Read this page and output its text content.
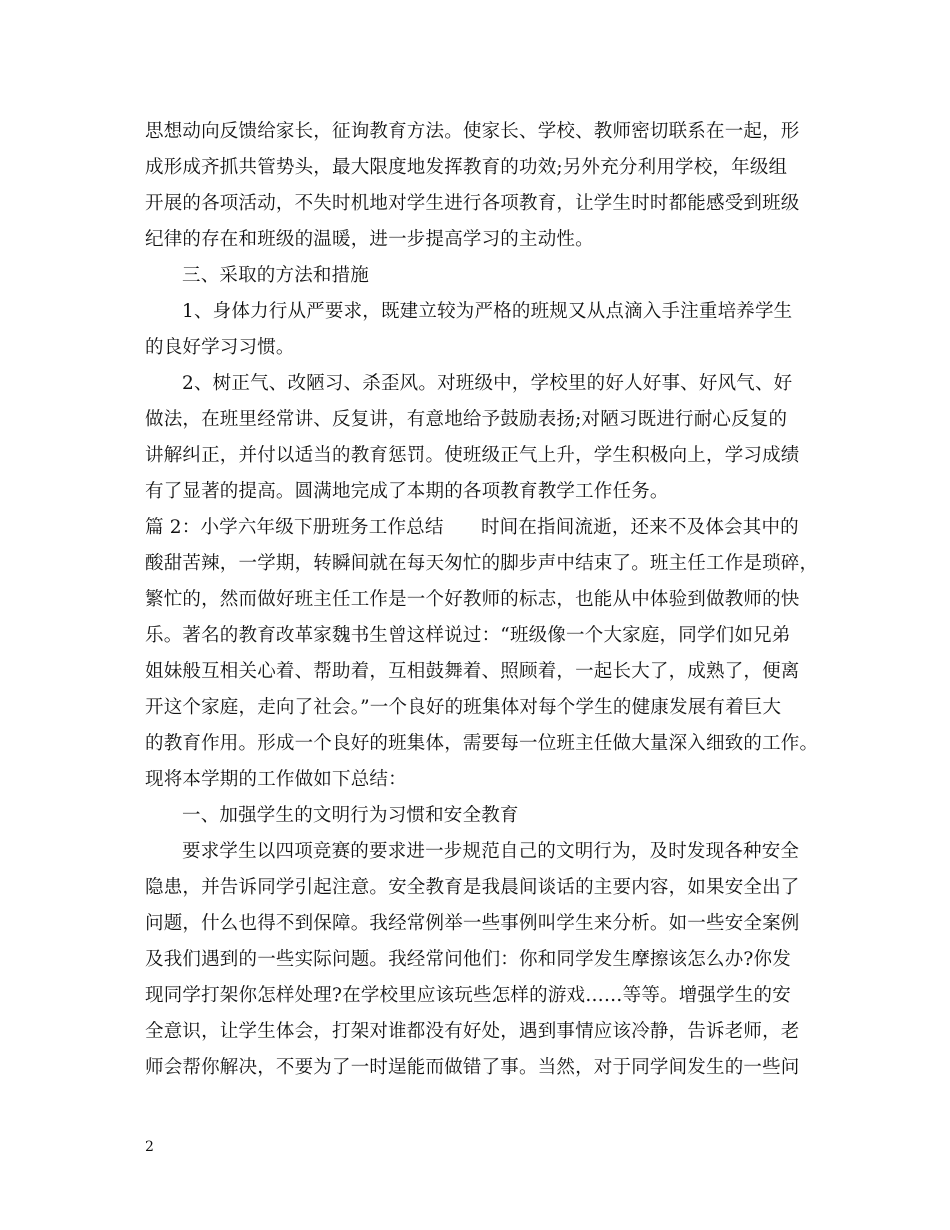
思想动向反馈给家长，征询教育方法。使家长、学校、教师密切联系在一起，形
成形成齐抓共管势头，最大限度地发挥教育的功效;另外充分利用学校，年级组
开展的各项活动，不失时机地对学生进行各项教育，让学生时时都能感受到班级
纪律的存在和班级的温暖，进一步提高学习的主动性。
三、采取的方法和措施
1、身体力行从严要求，既建立较为严格的班规又从点滴入手注重培养学生
的良好学习习惯。
2、树正气、改陋习、杀歪风。对班级中，学校里的好人好事、好风气、好
做法，在班里经常讲、反复讲，有意地给予鼓励表扬;对陋习既进行耐心反复的
讲解纠正，并付以适当的教育惩罚。使班级正气上升，学生积极向上，学习成绩
有了显著的提高。圆满地完成了本期的各项教育教学工作任务。
篇 2：小学六年级下册班务工作总结　　时间在指间流逝，还来不及体会其中的
酸甜苦辣，一学期，转瞬间就在每天匆忙的脚步声中结束了。班主任工作是琐碎，
繁忙的，然而做好班主任工作是一个好教师的标志，也能从中体验到做教师的快
乐。著名的教育改革家魏书生曾这样说过：“班级像一个大家庭，同学们如兄弟
姐妹般互相关心着、帮助着，互相鼓舞着、照顾着，一起长大了，成熟了，便离
开这个家庭，走向了社会。”一个良好的班集体对每个学生的健康发展有着巨大
的教育作用。形成一个良好的班集体，需要每一位班主任做大量深入细致的工作。
现将本学期的工作做如下总结：
一、加强学生的文明行为习惯和安全教育
要求学生以四项竞赛的要求进一步规范自己的文明行为，及时发现各种安全
隐患，并告诉同学引起注意。安全教育是我晨间谈话的主要内容，如果安全出了
问题，什么也得不到保障。我经常例举一些事例叫学生来分析。如一些安全案例
及我们遇到的一些实际问题。我经常问他们：你和同学发生摩擦该怎么办?你发
现同学打架你怎样处理?在学校里应该玩些怎样的游戏……等等。增强学生的安
全意识，让学生体会，打架对谁都没有好处，遇到事情应该冷静，告诉老师，老
师会帮你解决，不要为了一时逞能而做错了事。当然，对于同学间发生的一些问
2
